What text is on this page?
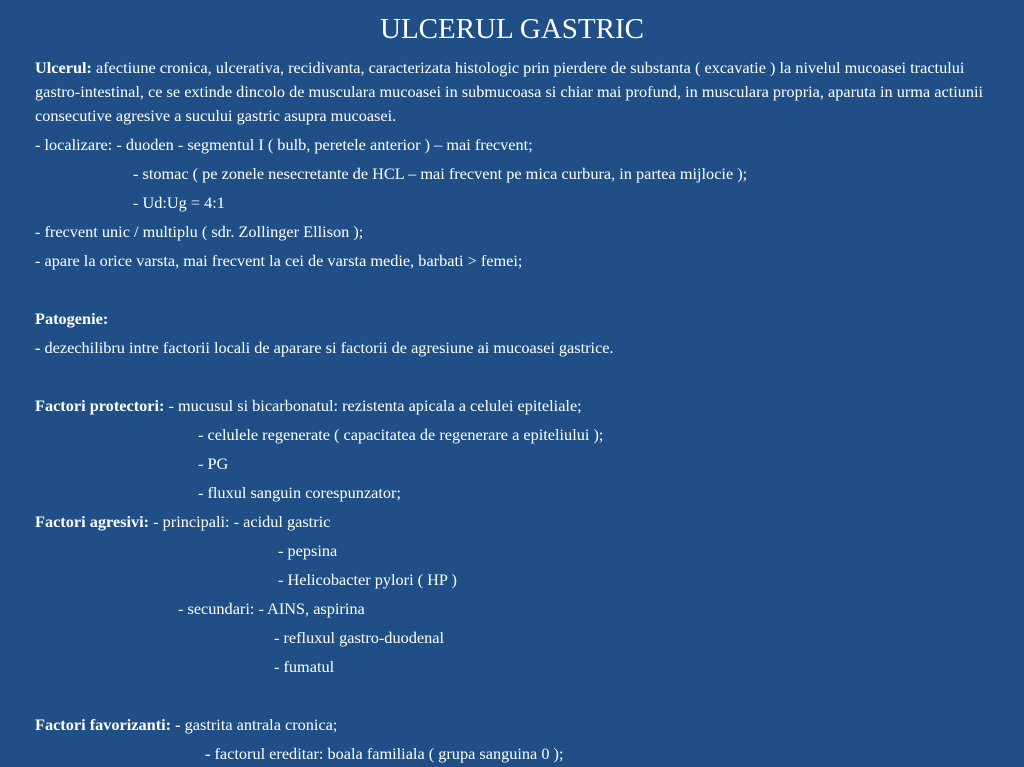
ULCERUL GASTRIC
Ulcerul: afectiune cronica, ulcerativa, recidivanta, caracterizata histologic prin pierdere de substanta ( excavatie ) la nivelul mucoasei tractului gastro-intestinal, ce se extinde dincolo de musculara mucoasei in submucoasa si chiar mai profund, in musculara propria, aparuta in urma actiunii consecutive agresive a sucului gastric asupra mucoasei.
- localizare: - duoden - segmentul I ( bulb, peretele anterior ) – mai frecvent;
- stomac ( pe zonele nesecretante de HCL – mai frecvent pe mica curbura, in partea mijlocie );
- Ud:Ug = 4:1
- frecvent unic / multiplu ( sdr. Zollinger Ellison );
- apare la orice varsta, mai frecvent la cei de varsta medie, barbati > femei;
Patogenie:
- dezechilibru intre factorii locali de aparare si factorii de agresiune ai mucoasei gastrice.
Factori protectori: - mucusul si bicarbonatul: rezistenta apicala a celulei epiteliale;
- celulele regenerate ( capacitatea de regenerare a epiteliului );
- PG
- fluxul sanguin corespunzator;
Factori agresivi: - principali: - acidul gastric
- pepsina
- Helicobacter pylori ( HP )
- secundari: - AINS, aspirina
- refluxul gastro-duodenal
- fumatul
Factori favorizanti: - gastrita antrala cronica;
- factorul ereditar: boala familiala ( grupa sanguina 0 );
